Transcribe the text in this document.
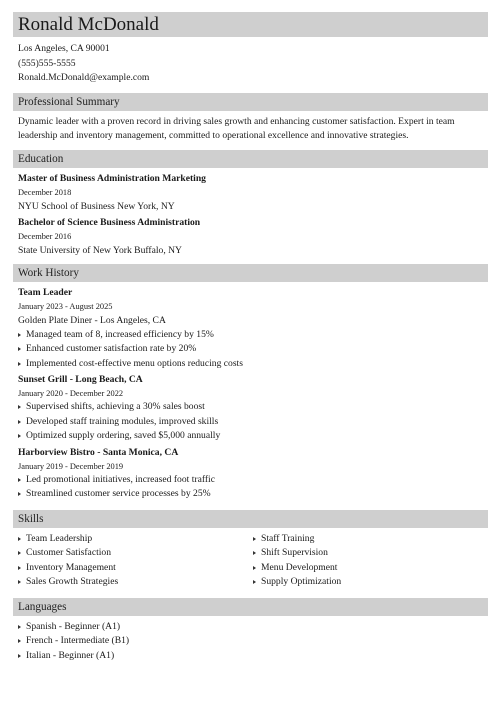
Ronald McDonald
Los Angeles, CA 90001
(555)555-5555
Ronald.McDonald@example.com
Professional Summary
Dynamic leader with a proven record in driving sales growth and enhancing customer satisfaction. Expert in team leadership and inventory management, committed to operational excellence and innovative strategies.
Education
Master of Business Administration Marketing
December 2018
NYU School of Business New York, NY
Bachelor of Science Business Administration
December 2016
State University of New York Buffalo, NY
Work History
Team Leader
January 2023 - August 2025
Golden Plate Diner - Los Angeles, CA
Managed team of 8, increased efficiency by 15%
Enhanced customer satisfaction rate by 20%
Implemented cost-effective menu options reducing costs
Sunset Grill - Long Beach, CA
January 2020 - December 2022
Supervised shifts, achieving a 30% sales boost
Developed staff training modules, improved skills
Optimized supply ordering, saved $5,000 annually
Harborview Bistro - Santa Monica, CA
January 2019 - December 2019
Led promotional initiatives, increased foot traffic
Streamlined customer service processes by 25%
Skills
Team Leadership
Customer Satisfaction
Inventory Management
Sales Growth Strategies
Staff Training
Shift Supervision
Menu Development
Supply Optimization
Languages
Spanish - Beginner (A1)
French - Intermediate (B1)
Italian - Beginner (A1)
